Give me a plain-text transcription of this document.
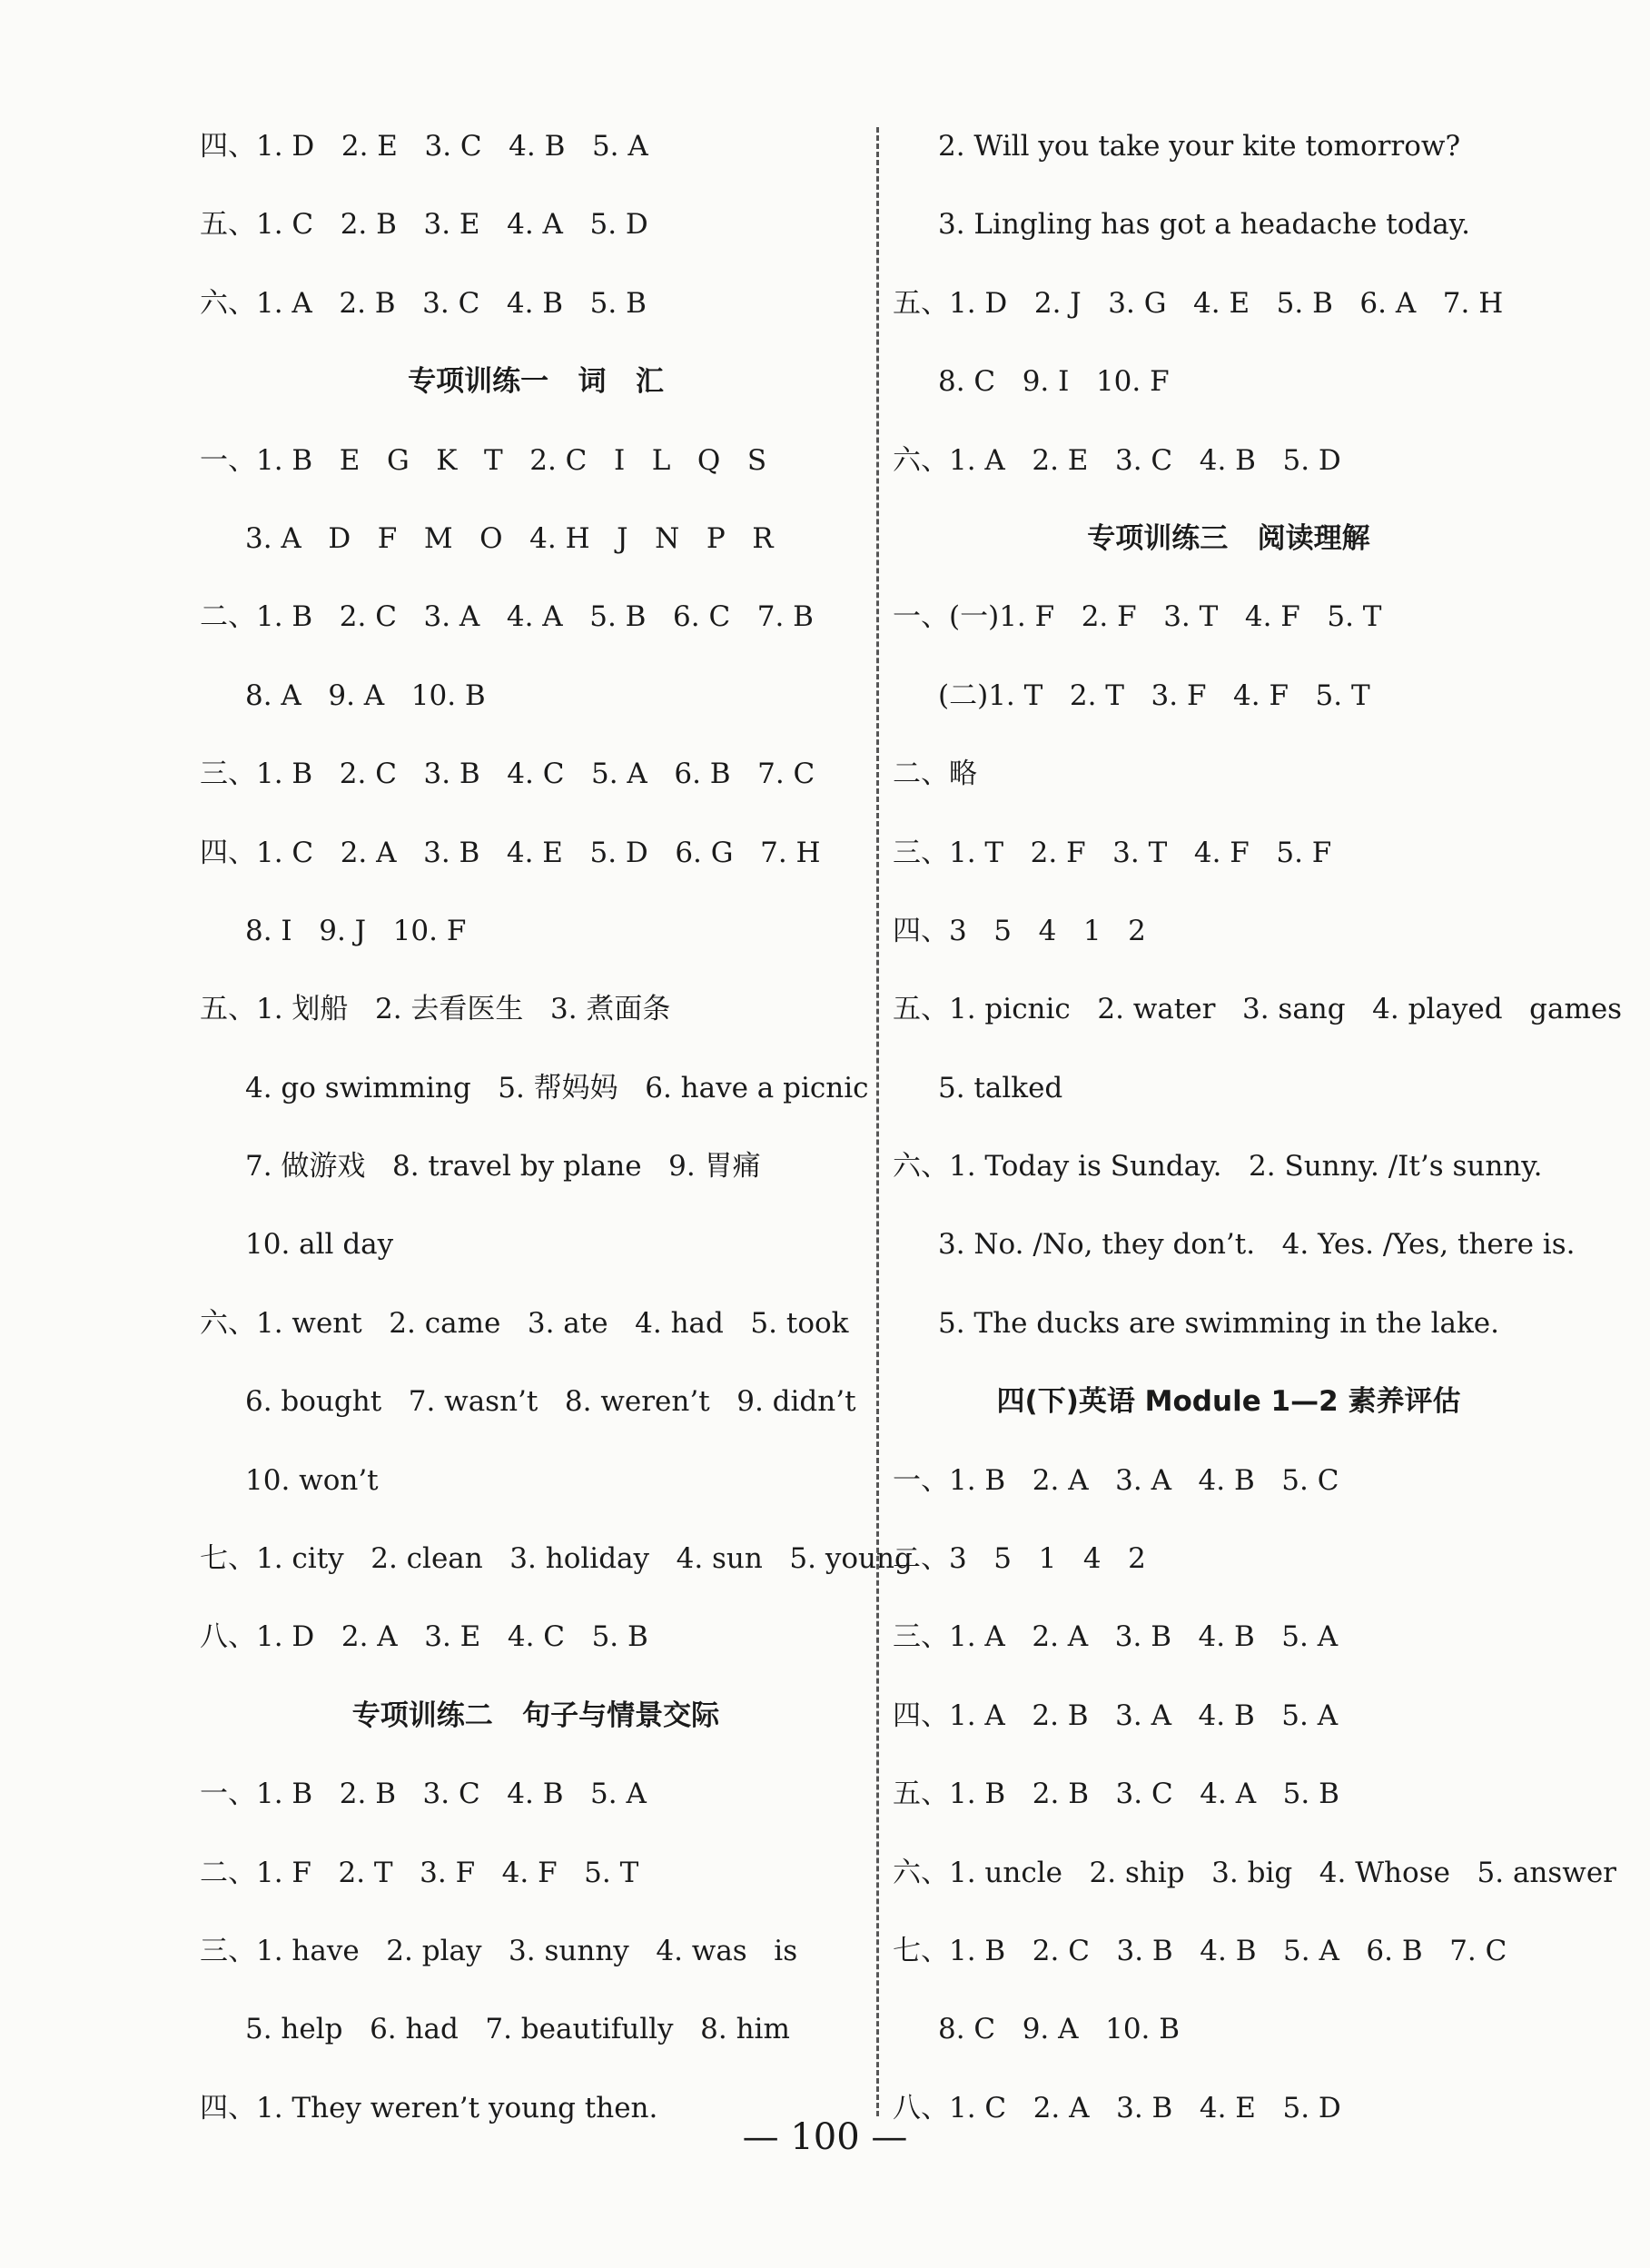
四、1. D   2. E   3. C   4. B   5. A
五、1. C   2. B   3. E   4. A   5. D
六、1. A   2. B   3. C   4. B   5. B
专项训练一   词   汇
一、1. B   E   G   K   T   2. C   I   L   Q   S
3. A   D   F   M   O   4. H   J   N   P   R
二、1. B   2. C   3. A   4. A   5. B   6. C   7. B
8. A   9. A   10. B
三、1. B   2. C   3. B   4. C   5. A   6. B   7. C
四、1. C   2. A   3. B   4. E   5. D   6. G   7. H
8. I   9. J   10. F
五、1. 划船   2. 去看医生   3. 煮面条
4. go swimming   5. 帮妈妈   6. have a picnic
7. 做游戏   8. travel by plane   9. 胃痛
10. all day
六、1. went   2. came   3. ate   4. had   5. took
6. bought   7. wasn’t   8. weren’t   9. didn’t
10. won’t
七、1. city   2. clean   3. holiday   4. sun   5. young
八、1. D   2. A   3. E   4. C   5. B
专项训练二   句子与情景交际
一、1. B   2. B   3. C   4. B   5. A
二、1. F   2. T   3. F   4. F   5. T
三、1. have   2. play   3. sunny   4. was   is
5. help   6. had   7. beautifully   8. him
四、1. They weren’t young then.
2. Will you take your kite tomorrow?
3. Lingling has got a headache today.
五、1. D   2. J   3. G   4. E   5. B   6. A   7. H
8. C   9. I   10. F
六、1. A   2. E   3. C   4. B   5. D
专项训练三   阅读理解
一、(一)1. F   2. F   3. T   4. F   5. T
(二)1. T   2. T   3. F   4. F   5. T
二、略
三、1. T   2. F   3. T   4. F   5. F
四、3   5   4   1   2
五、1. picnic   2. water   3. sang   4. played   games
5. talked
六、1. Today is Sunday.   2. Sunny. /It’s sunny.
3. No. /No, they don’t.   4. Yes. /Yes, there is.
5. The ducks are swimming in the lake.
四(下)英语 Module 1—2 素养评估
一、1. B   2. A   3. A   4. B   5. C
二、3   5   1   4   2
三、1. A   2. A   3. B   4. B   5. A
四、1. A   2. B   3. A   4. B   5. A
五、1. B   2. B   3. C   4. A   5. B
六、1. uncle   2. ship   3. big   4. Whose   5. answer
七、1. B   2. C   3. B   4. B   5. A   6. B   7. C
8. C   9. A   10. B
八、1. C   2. A   3. B   4. E   5. D
— 100 —
